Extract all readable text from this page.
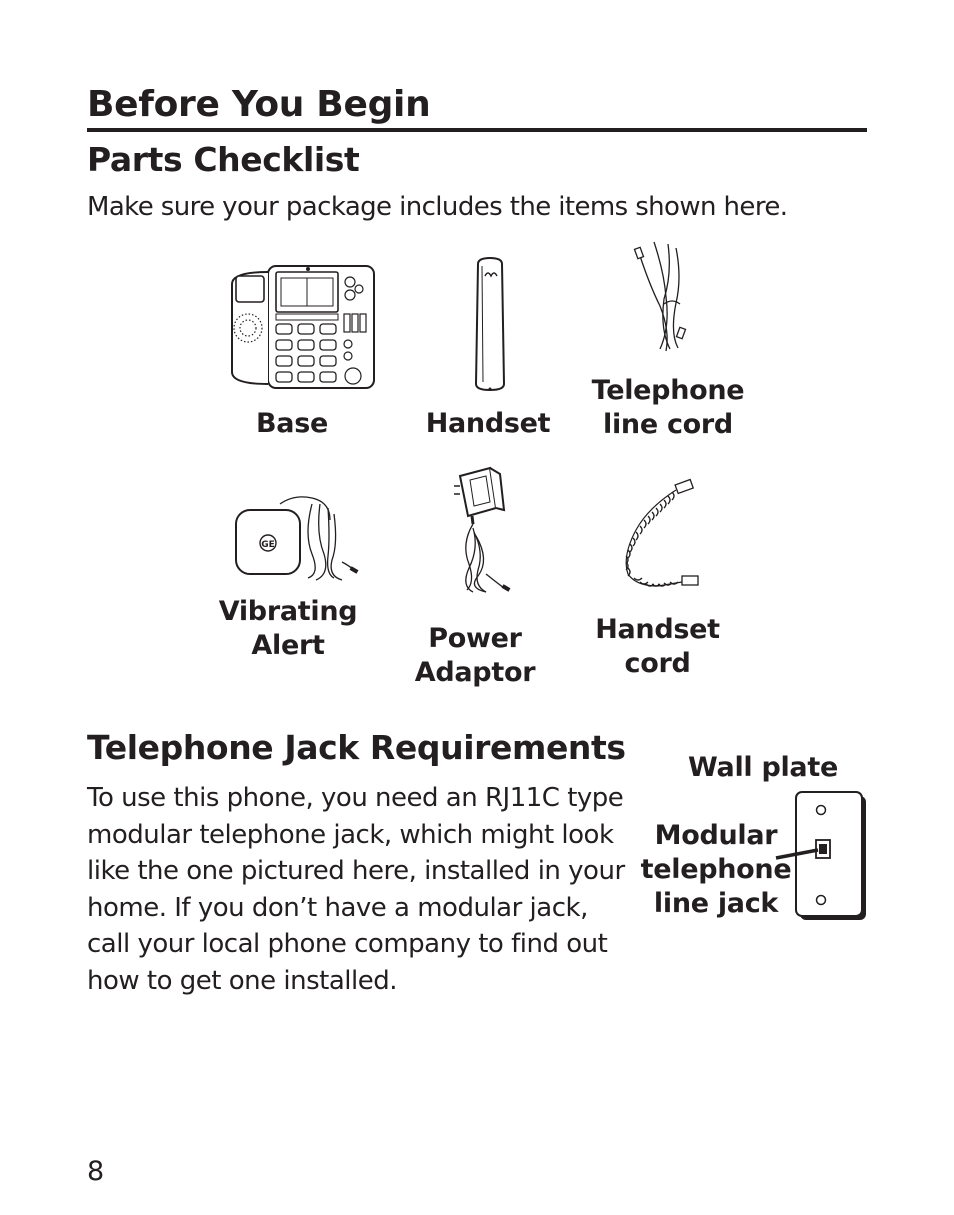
Before You Begin
Parts Checklist
Make sure your package includes the items shown here.
GE
Base	Handset
Telephone
line cord
Vibrating
Alert	Power
Adaptor
Handset
cord
Telephone Jack Requirements
To use this phone, you need an RJ11C type
modular telephone jack, which might look
like the one pictured here, installed in your
home. If you don’t have a modular jack,
call your local phone company to find out
how to get one installed.
Wall plate
Modular
telephone
line jack
8
